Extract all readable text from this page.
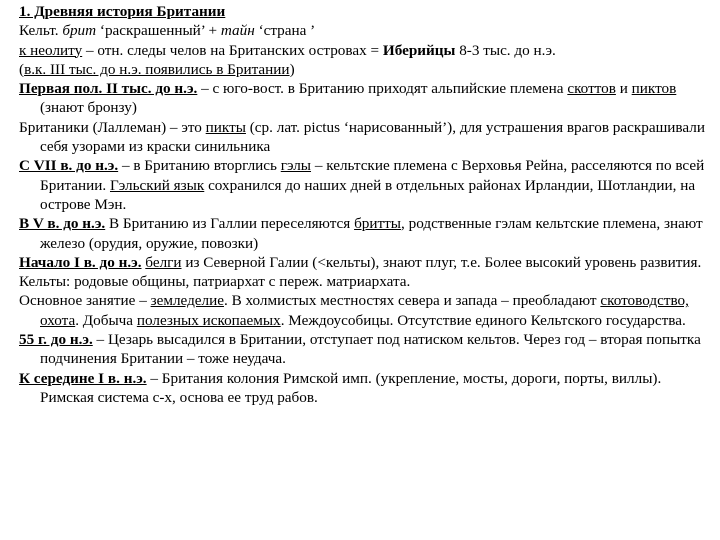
1. Древняя история Британии

Кельт. брит ‘раскрашенный’ + тайн ‘страна ’

к неолиту – отн. следы челов на Британских островах = Иберийцы 8-3 тыс. до н.э.

(в.к. III тыс. до н.э. появились в Британии)

Первая пол. II тыс. до н.э. – с юго-вост. в Британию приходят альпийские племена скоттов и пиктов (знают бронзу)

Британики (Лаллеман) – это пикты (ср. лат. pictus ‘нарисованный’), для устрашения врагов раскрашивали себя узорами из краски синильника

С VII в. до н.э. – в Британию вторглись гэлы – кельтские племена с Верховья Рейна, расселяются по всей Британии. Гэльский язык сохранился до наших дней в отдельных районах Ирландии, Шотландии, на острове Мэн.

В V в. до н.э. В Британию из Галлии переселяются бритты, родственные гэлам кельтские племена, знают железо (орудия, оружие, повозки)

Начало I в. до н.э. белги из Северной Галии (<кельты), знают плуг, т.е. Более высокий уровень развития.

Кельты: родовые общины, патриархат с переж. матриархата.

Основное занятие – земледелие. В холмистых местностях севера и запада – преобладают скотоводство, охота. Добыча полезных ископаемых. Междоусобицы. Отсутствие единого Кельтского государства.

55 г. до н.э. – Цезарь высадился в Британии, отступает под натиском кельтов. Через год – вторая попытка подчинения Британии – тоже неудача.

К середине I в. н.э. – Британия колония Римской имп. (укрепление, мосты, дороги, порты, виллы). Римская система с-х, основа ее труд рабов.
